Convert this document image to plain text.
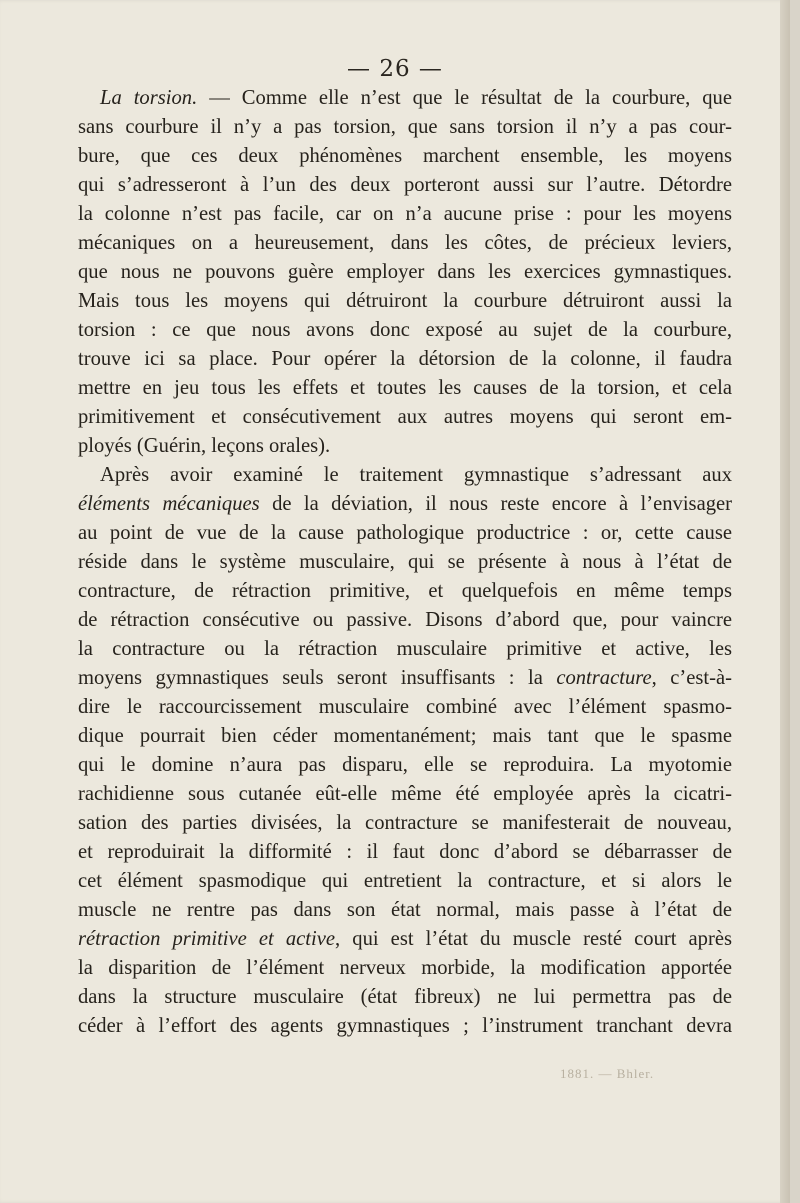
— 26 —
La torsion. — Comme elle n’est que le résultat de la courbure, que
sans courbure il n’y a pas torsion, que sans torsion il n’y a pas cour-
bure, que ces deux phénomènes marchent ensemble, les moyens
qui s’adresseront à l’un des deux porteront aussi sur l’autre. Détordre
la colonne n’est pas facile, car on n’a aucune prise : pour les moyens
mécaniques on a heureusement, dans les côtes, de précieux leviers,
que nous ne pouvons guère employer dans les exercices gymnastiques.
Mais tous les moyens qui détruiront la courbure détruiront aussi la
torsion : ce que nous avons donc exposé au sujet de la courbure,
trouve ici sa place. Pour opérer la détorsion de la colonne, il faudra
mettre en jeu tous les effets et toutes les causes de la torsion, et cela
primitivement et consécutivement aux autres moyens qui seront em-
ployés (Guérin, leçons orales).
Après avoir examiné le traitement gymnastique s’adressant aux
éléments mécaniques de la déviation, il nous reste encore à l’envisager
au point de vue de la cause pathologique productrice : or, cette cause
réside dans le système musculaire, qui se présente à nous à l’état de
contracture, de rétraction primitive, et quelquefois en même temps
de rétraction consécutive ou passive. Disons d’abord que, pour vaincre
la contracture ou la rétraction musculaire primitive et active, les
moyens gymnastiques seuls seront insuffisants : la contracture, c’est-à-
dire le raccourcissement musculaire combiné avec l’élément spasmo-
dique pourrait bien céder momentanément; mais tant que le spasme
qui le domine n’aura pas disparu, elle se reproduira. La myotomie
rachidienne sous cutanée eût-elle même été employée après la cicatri-
sation des parties divisées, la contracture se manifesterait de nouveau,
et reproduirait la difformité : il faut donc d’abord se débarrasser de
cet élément spasmodique qui entretient la contracture, et si alors le
muscle ne rentre pas dans son état normal, mais passe à l’état de
rétraction primitive et active, qui est l’état du muscle resté court après
la disparition de l’élément nerveux morbide, la modification apportée
dans la structure musculaire (état fibreux) ne lui permettra pas de
céder à l’effort des agents gymnastiques ; l’instrument tranchant devra
1881. — Bhler.
